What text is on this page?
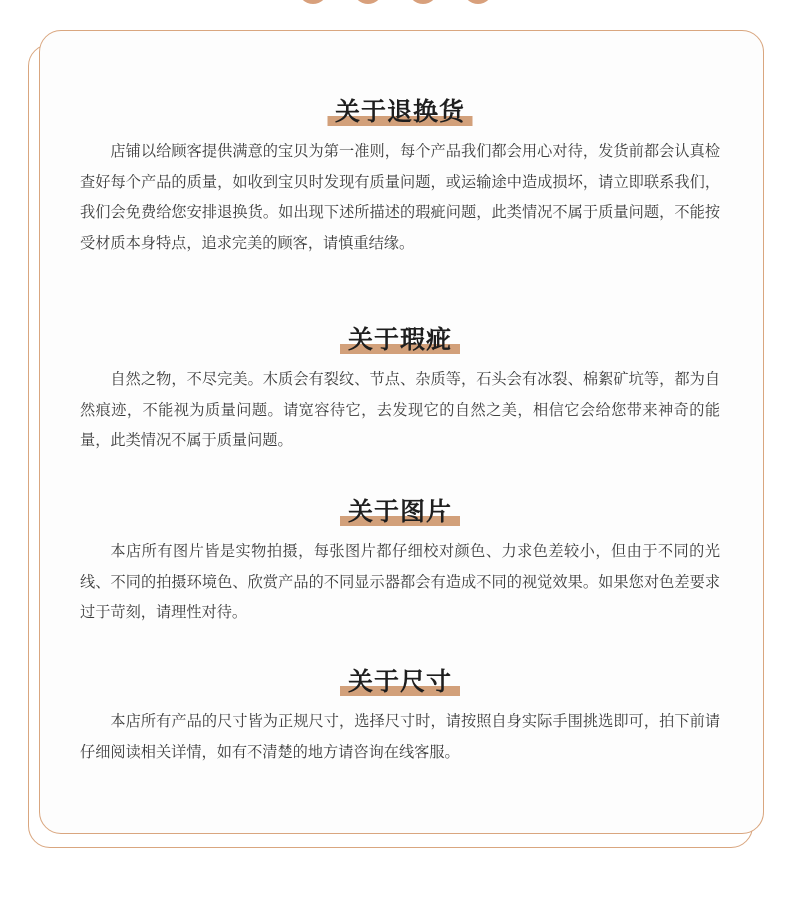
关于退换货

店铺以给顾客提供满意的宝贝为第一准则，每个产品我们都会用心对待，发货前都会认真检查好每个产品的质量，如收到宝贝时发现有质量问题，或运输途中造成损坏，请立即联系我们，我们会免费给您安排退换货。如出现下述所描述的瑕疵问题，此类情况不属于质量问题，不能按受材质本身特点，追求完美的顾客，请慎重结缘。

关于瑕疵

自然之物，不尽完美。木质会有裂纹、节点、杂质等，石头会有冰裂、棉絮矿坑等，都为自然痕迹，不能视为质量问题。请宽容待它，去发现它的自然之美，相信它会给您带来神奇的能量，此类情况不属于质量问题。

关于图片

本店所有图片皆是实物拍摄，每张图片都仔细校对颜色、力求色差较小，但由于不同的光线、不同的拍摄环境色、欣赏产品的不同显示器都会有造成不同的视觉效果。如果您对色差要求过于苛刻，请理性对待。

关于尺寸

本店所有产品的尺寸皆为正规尺寸，选择尺寸时，请按照自身实际手围挑选即可，拍下前请仔细阅读相关详情，如有不清楚的地方请咨询在线客服。
